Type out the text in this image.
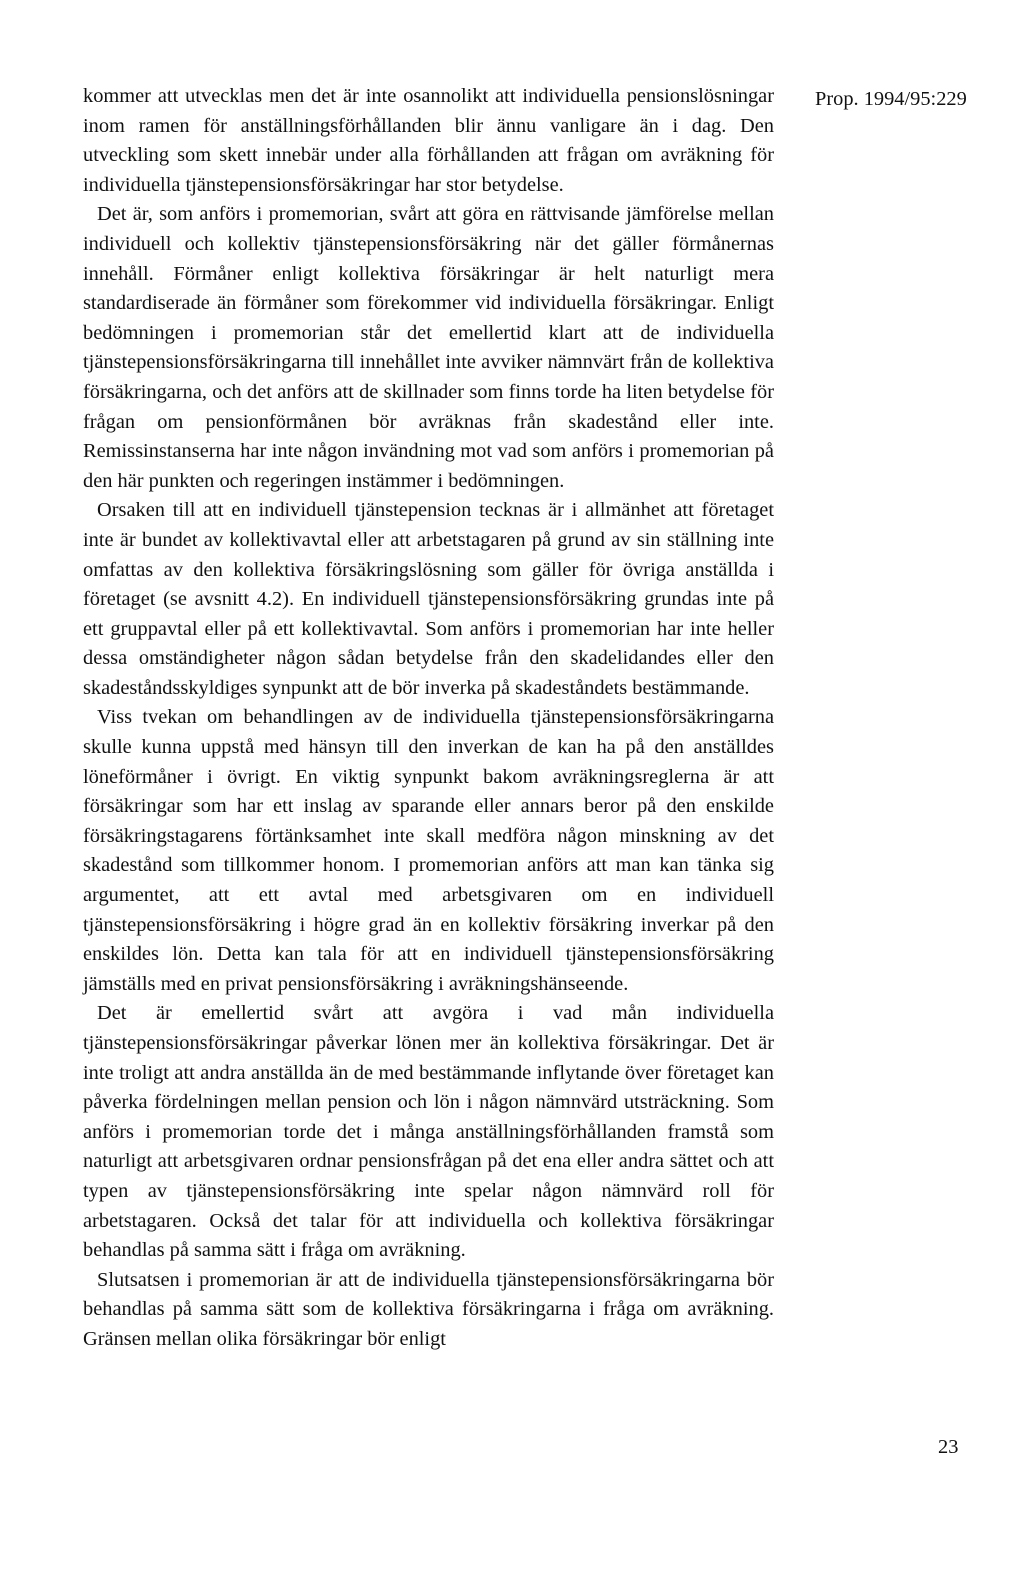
Prop. 1994/95:229

kommer att utvecklas men det är inte osannolikt att individuella pensionslösningar inom ramen för anställningsförhållanden blir ännu vanligare än i dag. Den utveckling som skett innebär under alla förhållanden att frågan om avräkning för individuella tjänstepensionsförsäkringar har stor betydelse.

Det är, som anförs i promemorian, svårt att göra en rättvisande jämförelse mellan individuell och kollektiv tjänstepensionsförsäkring när det gäller förmånernas innehåll. Förmåner enligt kollektiva försäkringar är helt naturligt mera standardiserade än förmåner som förekommer vid individuella försäkringar. Enligt bedömningen i promemorian står det emellertid klart att de individuella tjänstepensionsförsäkringarna till innehållet inte avviker nämnvärt från de kollektiva försäkringarna, och det anförs att de skillnader som finns torde ha liten betydelse för frågan om pensionförmånen bör avräknas från skadestånd eller inte. Remissinstanserna har inte någon invändning mot vad som anförs i promemorian på den här punkten och regeringen instämmer i bedömningen.

Orsaken till att en individuell tjänstepension tecknas är i allmänhet att företaget inte är bundet av kollektivavtal eller att arbetstagaren på grund av sin ställning inte omfattas av den kollektiva försäkringslösning som gäller för övriga anställda i företaget (se avsnitt 4.2). En individuell tjänstepensionsförsäkring grundas inte på ett gruppavtal eller på ett kollektivavtal. Som anförs i promemorian har inte heller dessa omständigheter någon sådan betydelse från den skadelidandes eller den skadeståndsskyldiges synpunkt att de bör inverka på skadeståndets bestämmande.

Viss tvekan om behandlingen av de individuella tjänstepensionsförsäkringarna skulle kunna uppstå med hänsyn till den inverkan de kan ha på den anställdes löneförmåner i övrigt. En viktig synpunkt bakom avräkningsreglerna är att försäkringar som har ett inslag av sparande eller annars beror på den enskilde försäkringstagarens förtänksamhet inte skall medföra någon minskning av det skadestånd som tillkommer honom. I promemorian anförs att man kan tänka sig argumentet, att ett avtal med arbetsgivaren om en individuell tjänstepensionsförsäkring i högre grad än en kollektiv försäkring inverkar på den enskildes lön. Detta kan tala för att en individuell tjänstepensionsförsäkring jämställs med en privat pensionsförsäkring i avräkningshänseende.

Det är emellertid svårt att avgöra i vad mån individuella tjänstepensionsförsäkringar påverkar lönen mer än kollektiva försäkringar. Det är inte troligt att andra anställda än de med bestämmande inflytande över företaget kan påverka fördelningen mellan pension och lön i någon nämnvärd utsträckning. Som anförs i promemorian torde det i många anställningsförhållanden framstå som naturligt att arbetsgivaren ordnar pensionsfrågan på det ena eller andra sättet och att typen av tjänstepensionsförsäkring inte spelar någon nämnvärd roll för arbetstagaren. Också det talar för att individuella och kollektiva försäkringar behandlas på samma sätt i fråga om avräkning.

Slutsatsen i promemorian är att de individuella tjänstepensionsförsäkringarna bör behandlas på samma sätt som de kollektiva försäkringarna i fråga om avräkning. Gränsen mellan olika försäkringar bör enligt

23
